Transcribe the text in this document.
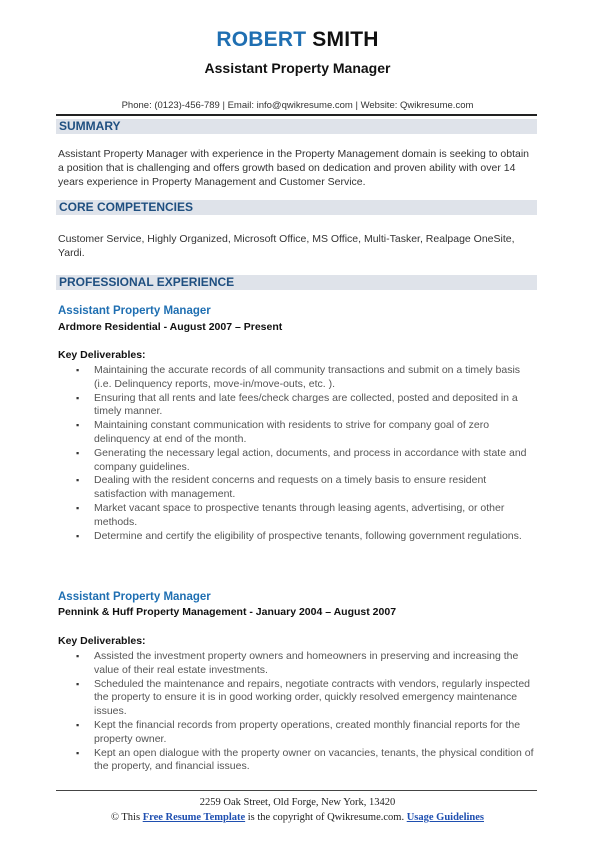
ROBERT SMITH
Assistant Property Manager
Phone: (0123)-456-789 | Email: info@qwikresume.com | Website: Qwikresume.com
SUMMARY
Assistant Property Manager with experience in the Property Management domain is seeking to obtain a position that is challenging and offers growth based on dedication and proven ability with over 14 years experience in Property Management and Customer Service.
CORE COMPETENCIES
Customer Service, Highly Organized, Microsoft Office, MS Office, Multi-Tasker, Realpage OneSite, Yardi.
PROFESSIONAL EXPERIENCE
Assistant Property Manager
Ardmore Residential - August 2007 – Present
Key Deliverables:
▪ Maintaining the accurate records of all community transactions and submit on a timely basis (i.e. Delinquency reports, move-in/move-outs, etc. ).
▪ Ensuring that all rents and late fees/check charges are collected, posted and deposited in a timely manner.
▪ Maintaining constant communication with residents to strive for company goal of zero delinquency at end of the month.
▪ Generating the necessary legal action, documents, and process in accordance with state and company guidelines.
▪ Dealing with the resident concerns and requests on a timely basis to ensure resident satisfaction with management.
▪ Market vacant space to prospective tenants through leasing agents, advertising, or other methods.
▪ Determine and certify the eligibility of prospective tenants, following government regulations.
Assistant Property Manager
Pennink & Huff Property Management - January 2004 – August 2007
Key Deliverables:
▪ Assisted the investment property owners and homeowners in preserving and increasing the value of their real estate investments.
▪ Scheduled the maintenance and repairs, negotiate contracts with vendors, regularly inspected the property to ensure it is in good working order, quickly resolved emergency maintenance issues.
▪ Kept the financial records from property operations, created monthly financial reports for the property owner.
▪ Kept an open dialogue with the property owner on vacancies, tenants, the physical condition of the property, and financial issues.
2259 Oak Street, Old Forge, New York, 13420
© This Free Resume Template is the copyright of Qwikresume.com. Usage Guidelines
